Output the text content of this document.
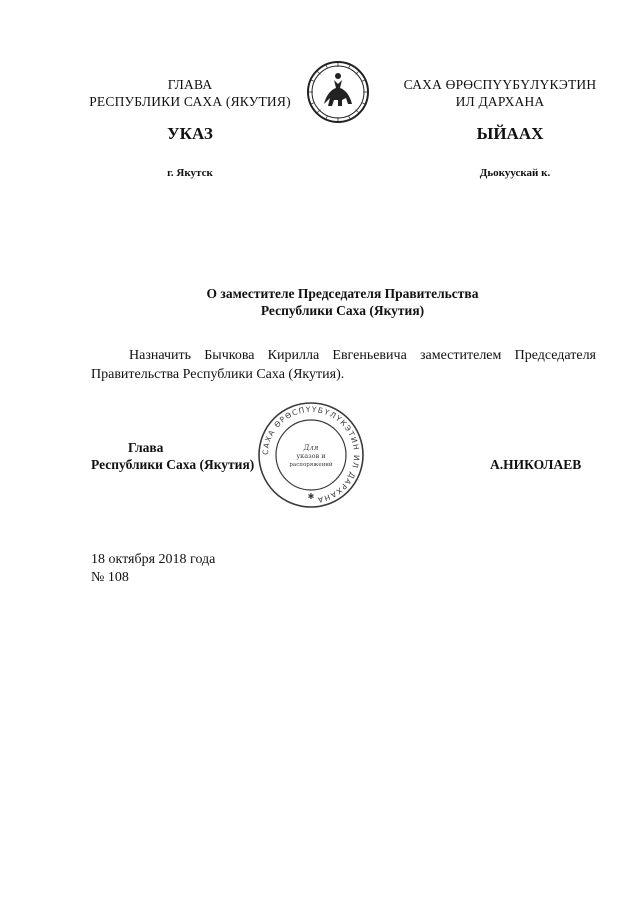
ГЛАВА
РЕСПУБЛИКИ САХА (ЯКУТИЯ)
САХА ӨРӨСПҮҮБҮЛҮКЭТИН
ИЛ ДАРХАНА
УКАЗ	ЫЙААХ
г. Якутск	Дьокуускай к.
О заместителе Председателя Правительства
Республики Саха (Якутия)
Назначить Бычкова Кирилла Евгеньевича заместителем Председателя Правительства Республики Саха (Якутия).
Глава
Республики Саха (Якутия)	А.НИКОЛАЕВ
САХА ӨРӨСПҮҮБҮЛҮКЭТИН ИЛ ДАРХАНА
Для
указов и
распоряжений
✱
18 октября 2018 года
№ 108
